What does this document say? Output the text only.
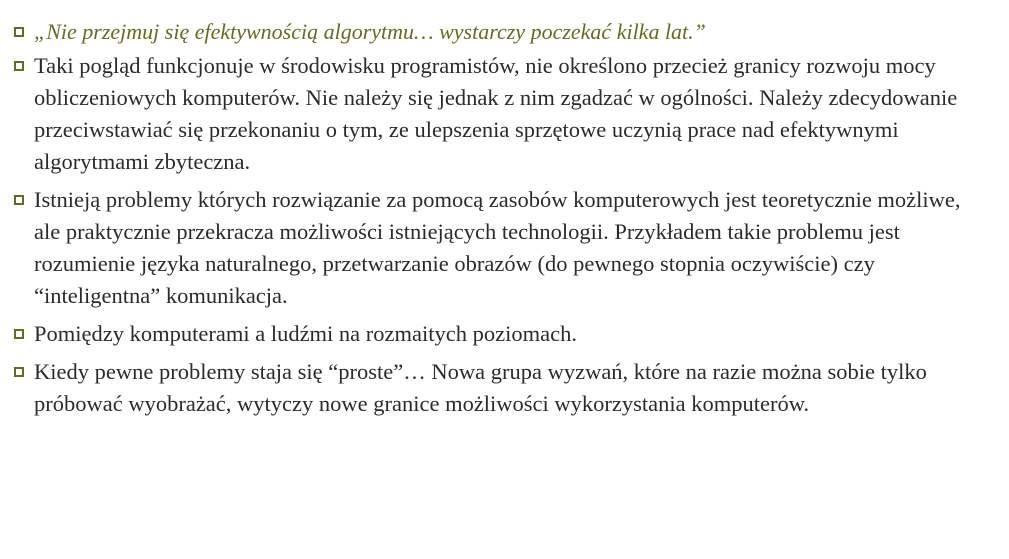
„Nie przejmuj się efektywnością algorytmu… wystarczy poczekać kilka lat.”
Taki pogląd funkcjonuje w środowisku programistów, nie określono przecież granicy rozwoju mocy obliczeniowych komputerów. Nie należy się jednak z nim zgadzać w ogólności. Należy zdecydowanie przeciwstawiać się przekonaniu o tym, ze ulepszenia sprzętowe uczynią prace nad efektywnymi algorytmami zbyteczna.
Istnieją problemy których rozwiązanie za pomocą zasobów komputerowych jest teoretycznie możliwe, ale praktycznie przekracza możliwości istniejących technologii. Przykładem takie problemu jest rozumienie języka naturalnego, przetwarzanie obrazów (do pewnego stopnia oczywiście) czy “inteligentna” komunikacja.
Pomiędzy komputerami a ludźmi na rozmaitych poziomach.
Kiedy pewne problemy staja się “proste”… Nowa grupa wyzwań, które na razie można sobie tylko próbować wyobrażać, wytyczy nowe granice możliwości wykorzystania komputerów.
